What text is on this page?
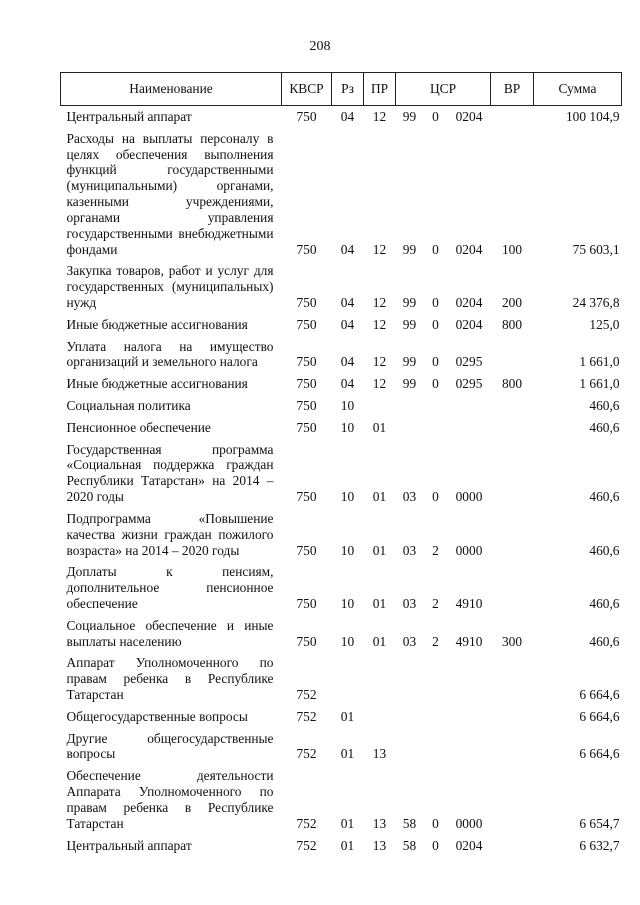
208
Наименование	КВСР	Рз	ПР	ЦСР			ВР	Сумма
Центральный аппарат	750	04	12	99	0	0204		100 104,9
Расходы на выплаты персоналу в целях обеспечения выполнения функций государственными (муниципальными) органами, казенными учреждениями, органами управления государственными внебюджетными фондами	750	04	12	99	0	0204	100	75 603,1
Закупка товаров, работ и услуг для государственных (муниципальных) нужд	750	04	12	99	0	0204	200	24 376,8
Иные бюджетные ассигнования	750	04	12	99	0	0204	800	125,0
Уплата налога на имущество организаций и земельного налога	750	04	12	99	0	0295		1 661,0
Иные бюджетные ассигнования	750	04	12	99	0	0295	800	1 661,0
Социальная политика	750	10						460,6
Пенсионное обеспечение	750	10	01					460,6
Государственная программа «Социальная поддержка граждан Республики Татарстан» на 2014 – 2020 годы	750	10	01	03	0	0000		460,6
Подпрограмма «Повышение качества жизни граждан пожилого возраста» на 2014 – 2020 годы	750	10	01	03	2	0000		460,6
Доплаты к пенсиям, дополнительное пенсионное обеспечение	750	10	01	03	2	4910		460,6
Социальное обеспечение и иные выплаты населению	750	10	01	03	2	4910	300	460,6
Аппарат Уполномоченного по правам ребенка в Республике Татарстан	752							6 664,6
Общегосударственные вопросы	752	01						6 664,6
Другие общегосударственные вопросы	752	01	13					6 664,6
Обеспечение деятельности Аппарата Уполномоченного по правам ребенка в Республике Татарстан	752	01	13	58	0	0000		6 654,7
Центральный аппарат	752	01	13	58	0	0204		6 632,7
